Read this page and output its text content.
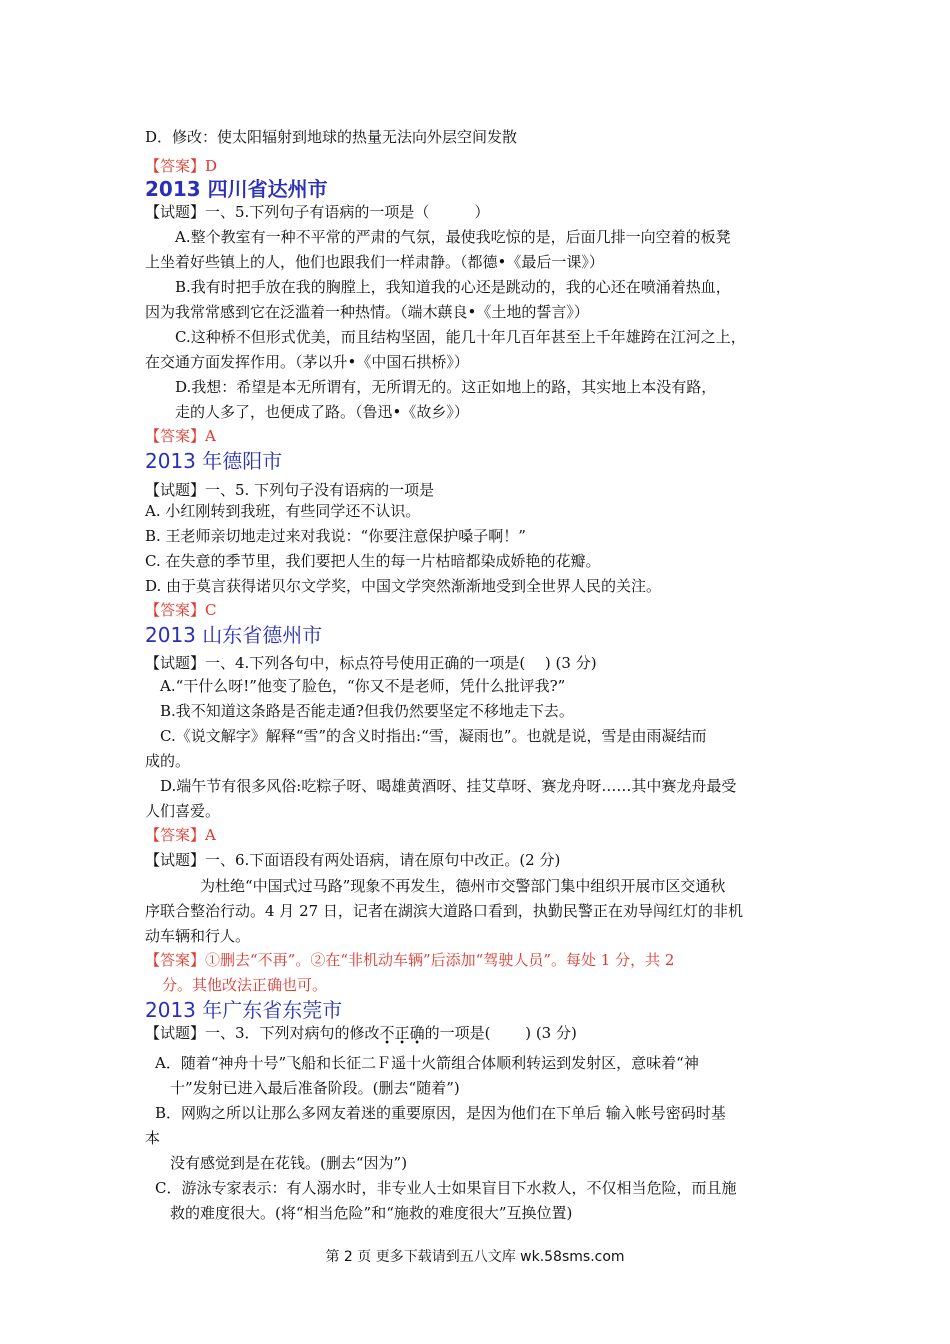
D．修改：使太阳辐射到地球的热量无法向外层空间发散
【答案】D
2013 四川省达州市
【试题】一、5.下列句子有语病的一项是（　　　）
A.整个教室有一种不平常的严肃的气氛，最使我吃惊的是，后面几排一向空着的板凳
上坐着好些镇上的人，他们也跟我们一样肃静。（都德•《最后一课》）
B.我有时把手放在我的胸膛上，我知道我的心还是跳动的，我的心还在喷涌着热血，
因为我常常感到它在泛滥着一种热情。（端木蕻良•《土地的誓言》）
C.这种桥不但形式优美，而且结构坚固，能几十年几百年甚至上千年雄跨在江河之上，
在交通方面发挥作用。（茅以升•《中国石拱桥》）
D.我想：希望是本无所谓有，无所谓无的。这正如地上的路，其实地上本没有路，
走的人多了，也便成了路。（鲁迅•《故乡》）
【答案】A
2013 年德阳市
【试题】一、5. 下列句子没有语病的一项是
A. 小红刚转到我班，有些同学还不认识。
B. 王老师亲切地走过来对我说：“你要注意保护嗓子啊！”
C. 在失意的季节里，我们要把人生的每一片枯暗都染成娇艳的花瓣。
D. 由于莫言获得诺贝尔文学奖，中国文学突然渐渐地受到全世界人民的关注。
【答案】C
2013 山东省德州市
【试题】一、4.下列各句中，标点符号使用正确的一项是(　 ) (3 分)
A.“干什么呀!”他变了脸色，“你又不是老师，凭什么批评我?”
B.我不知道这条路是否能走通?但我仍然要坚定不移地走下去。
C.《说文解字》解释“雪”的含义时指出:“雪，凝雨也”。也就是说，雪是由雨凝结而
成的。
D.端午节有很多风俗:吃粽子呀、喝雄黄酒呀、挂艾草呀、赛龙舟呀……其中赛龙舟最受
人们喜爱。
【答案】A
【试题】一、6.下面语段有两处语病，请在原句中改正。(2 分)
为杜绝“中国式过马路”现象不再发生，德州市交警部门集中组织开展市区交通秋
序联合整治行动。4 月 27 日，记者在湖滨大道路口看到，执勤民警正在劝导闯红灯的非机
动车辆和行人。
【答案】①删去“不再”。②在“非机动车辆”后添加“驾驶人员”。每处 1 分，共 2
分。其他改法正确也可。
2013 年广东省东莞市
【试题】一、3．下列对病句的修改不正确的一项是(　　 ) (3 分)
A．随着“神舟十号”飞船和长征二Ｆ遥十火箭组合体顺利转运到发射区，意味着“神
十”发射已进入最后准备阶段。(删去“随着”)
B．网购之所以让那么多网友着迷的重要原因，是因为他们在下单后 输入帐号密码时基
本
没有感觉到是在花钱。(删去“因为”)
C．游泳专家表示：有人溺水时，非专业人士如果盲目下水救人，不仅相当危险，而且施
救的难度很大。(将“相当危险”和“施救的难度很大”互换位置)
第 2 页 更多下载请到五八文库 wk.58sms.com
